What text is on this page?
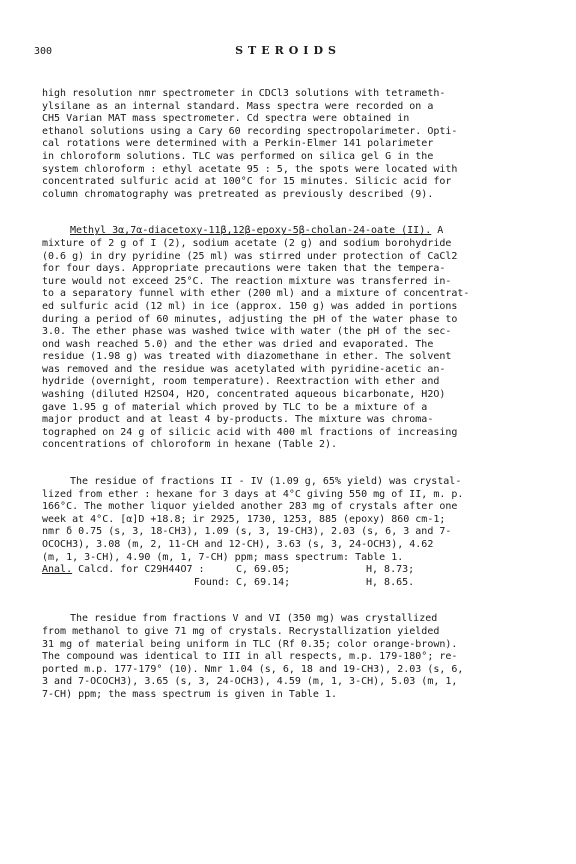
300	STEROIDS
high resolution nmr spectrometer in CDCl3 solutions with tetrameth-
ylsilane as an internal standard. Mass spectra were recorded on a
CH5 Varian MAT mass spectrometer. Cd spectra were obtained in
ethanol solutions using a Cary 60 recording spectropolarimeter. Opti-
cal rotations were determined with a Perkin-Elmer 141 polarimeter
in chloroform solutions. TLC was performed on silica gel G in the
system chloroform : ethyl acetate 95 : 5, the spots were located with
concentrated sulfuric acid at 100°C for 15 minutes. Silicic acid for
column chromatography was pretreated as previously described (9).
Methyl 3α,7α-diacetoxy-11β,12β-epoxy-5β-cholan-24-oate (II). A
mixture of 2 g of I (2), sodium acetate (2 g) and sodium borohydride
(0.6 g) in dry pyridine (25 ml) was stirred under protection of CaCl2
for four days. Appropriate precautions were taken that the tempera-
ture would not exceed 25°C. The reaction mixture was transferred in-
to a separatory funnel with ether (200 ml) and a mixture of concentrat-
ed sulfuric acid (12 ml) in ice (approx. 150 g) was added in portions
during a period of 60 minutes, adjusting the pH of the water phase to
3.0. The ether phase was washed twice with water (the pH of the sec-
ond wash reached 5.0) and the ether was dried and evaporated. The
residue (1.98 g) was treated with diazomethane in ether. The solvent
was removed and the residue was acetylated with pyridine-acetic an-
hydride (overnight, room temperature). Reextraction with ether and
washing (diluted H2SO4, H2O, concentrated aqueous bicarbonate, H2O)
gave 1.95 g of material which proved by TLC to be a mixture of a
major product and at least 4 by-products. The mixture was chroma-
tographed on 24 g of silicic acid with 400 ml fractions of increasing
concentrations of chloroform in hexane (Table 2).
The residue of fractions II - IV (1.09 g, 65% yield) was crystal-
lized from ether : hexane for 3 days at 4°C giving 550 mg of II, m. p.
166°C. The mother liquor yielded another 283 mg of crystals after one
week at 4°C. [α]D +18.8; ir 2925, 1730, 1253, 885 (epoxy) 860 cm-1;
nmr δ 0.75 (s, 3, 18-CH3), 1.09 (s, 3, 19-CH3), 2.03 (s, 6, 3 and 7-
OCOCH3), 3.08 (m, 2, 11-CH and 12-CH), 3.63 (s, 3, 24-OCH3), 4.62
(m, 1, 3-CH), 4.90 (m, 1, 7-CH) ppm; mass spectrum: Table 1.
Anal. Calcd. for C29H44O7 :	C, 69.05;	H, 8.73;
Found: C, 69.14;	H, 8.65.
The residue from fractions V and VI (350 mg) was crystallized
from methanol to give 71 mg of crystals. Recrystallization yielded
31 mg of material being uniform in TLC (Rf 0.35; color orange-brown).
The compound was identical to III in all respects, m.p. 179-180°; re-
ported m.p. 177-179° (10). Nmr 1.04 (s, 6, 18 and 19-CH3), 2.03 (s, 6,
3 and 7-OCOCH3), 3.65 (s, 3, 24-OCH3), 4.59 (m, 1, 3-CH), 5.03 (m, 1,
7-CH) ppm; the mass spectrum is given in Table 1.
